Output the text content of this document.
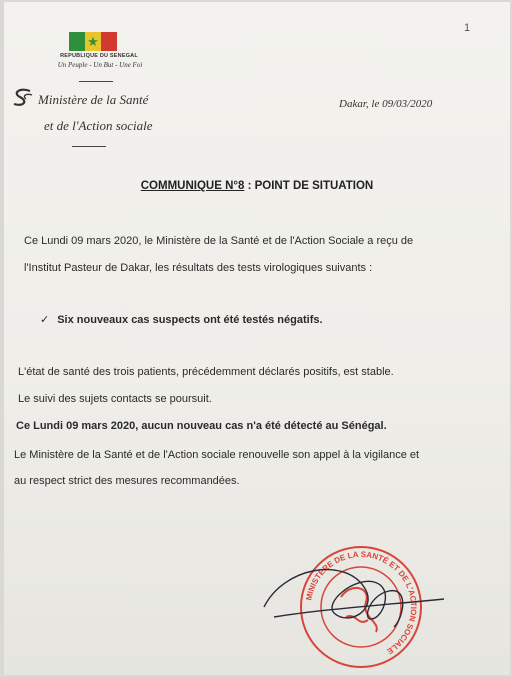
1
★
REPUBLIQUE DU SENEGAL
Un Peuple - Un But - Une Foi
Ministère de la Santé
et de l'Action sociale
Dakar, le 09/03/2020
COMMUNIQUE N°8 : POINT DE SITUATION
Ce Lundi 09 mars 2020, le Ministère de la Santé et de l'Action Sociale a reçu de
l'Institut Pasteur de Dakar, les résultats des tests virologiques suivants :
✓ Six nouveaux cas suspects ont été testés négatifs.
L'état de santé des trois patients, précédemment déclarés positifs, est stable.
Le suivi des sujets contacts se poursuit.
Ce Lundi 09 mars 2020, aucun nouveau cas n'a été détecté au Sénégal.
Le Ministère de la Santé et de l'Action sociale renouvelle son appel à la vigilance et
au respect strict des mesures recommandées.
MINISTÈRE DE LA SANTÉ ET DE L'ACTION SOCIALE
